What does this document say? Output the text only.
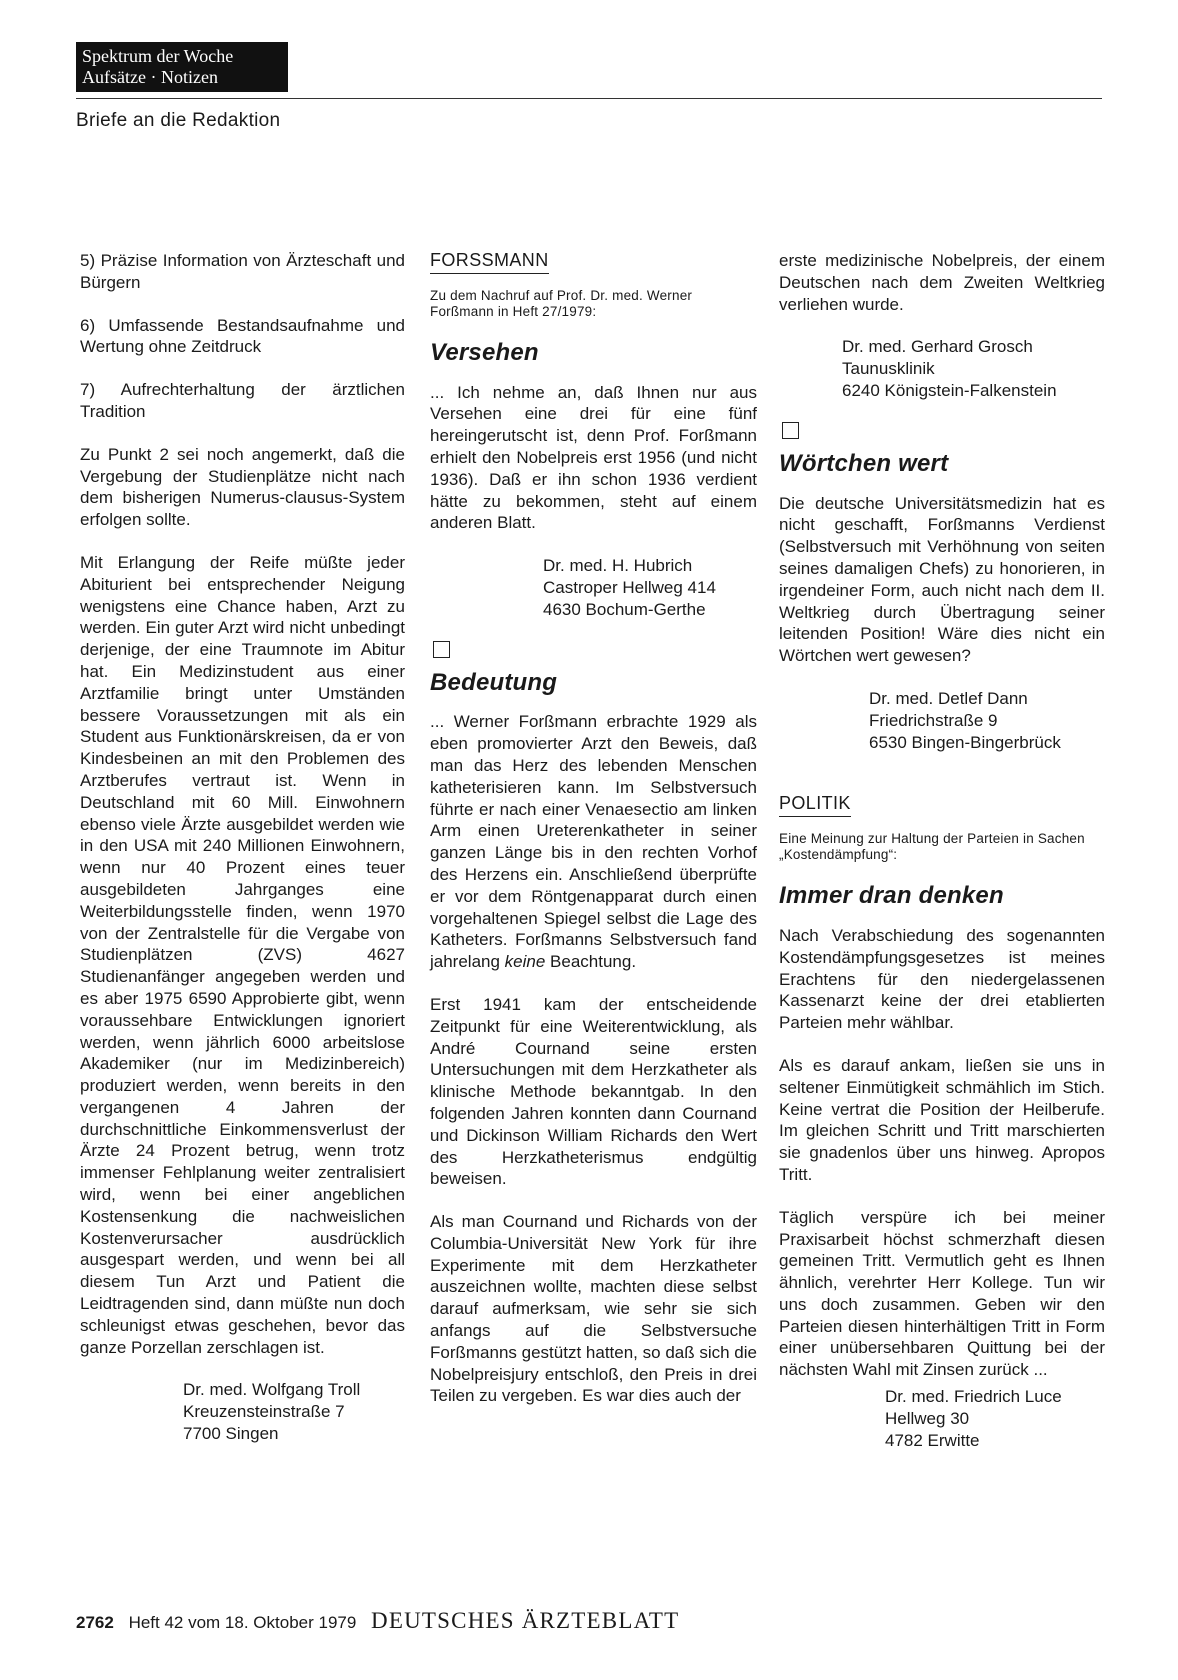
Spektrum der Woche
Aufsätze · Notizen
Briefe an die Redaktion

5) Präzise Information von Ärzteschaft und Bürgern

6) Umfassende Bestandsaufnahme und Wertung ohne Zeitdruck

7) Aufrechterhaltung der ärztlichen Tradition

Zu Punkt 2 sei noch angemerkt, daß die Vergebung der Studienplätze nicht nach dem bisherigen Numerus-clausus-System erfolgen sollte.

Mit Erlangung der Reife müßte jeder Abiturient bei entsprechender Neigung wenigstens eine Chance haben, Arzt zu werden. Ein guter Arzt wird nicht unbedingt derjenige, der eine Traumnote im Abitur hat. Ein Medizinstudent aus einer Arztfamilie bringt unter Umständen bessere Voraussetzungen mit als ein Student aus Funktionärskreisen, da er von Kindesbeinen an mit den Problemen des Arztberufes vertraut ist. Wenn in Deutschland mit 60 Mill. Einwohnern ebenso viele Ärzte ausgebildet werden wie in den USA mit 240 Millionen Einwohnern, wenn nur 40 Prozent eines teuer ausgebildeten Jahrganges eine Weiterbildungsstelle finden, wenn 1970 von der Zentralstelle für die Vergabe von Studienplätzen (ZVS) 4627 Studienanfänger angegeben werden und es aber 1975 6590 Approbierte gibt, wenn voraussehbare Entwicklungen ignoriert werden, wenn jährlich 6000 arbeitslose Akademiker (nur im Medizinbereich) produziert werden, wenn bereits in den vergangenen 4 Jahren der durchschnittliche Einkommensverlust der Ärzte 24 Prozent betrug, wenn trotz immenser Fehlplanung weiter zentralisiert wird, wenn bei einer angeblichen Kostensenkung die nachweislichen Kostenverursacher ausdrücklich ausgespart werden, und wenn bei all diesem Tun Arzt und Patient die Leidtragenden sind, dann müßte nun doch schleunigst etwas geschehen, bevor das ganze Porzellan zerschlagen ist.

Dr. med. Wolfgang Troll
Kreuzensteinstraße 7
7700 Singen
FORSSMANN
Zu dem Nachruf auf Prof. Dr. med. Werner Forßmann in Heft 27/1979:
Versehen

... Ich nehme an, daß Ihnen nur aus Versehen eine drei für eine fünf hereingerutscht ist, denn Prof. Forßmann erhielt den Nobelpreis erst 1956 (und nicht 1936). Daß er ihn schon 1936 verdient hätte zu bekommen, steht auf einem anderen Blatt.

Dr. med. H. Hubrich
Castroper Hellweg 414
4630 Bochum-Gerthe
Bedeutung

... Werner Forßmann erbrachte 1929 als eben promovierter Arzt den Beweis, daß man das Herz des lebenden Menschen katheterisieren kann. Im Selbstversuch führte er nach einer Venaesectio am linken Arm einen Ureterenkatheter in seiner ganzen Länge bis in den rechten Vorhof des Herzens ein. Anschließend überprüfte er vor dem Röntgenapparat durch einen vorgehaltenen Spiegel selbst die Lage des Katheters. Forßmanns Selbstversuch fand jahrelang keine Beachtung.

Erst 1941 kam der entscheidende Zeitpunkt für eine Weiterentwicklung, als André Cournand seine ersten Untersuchungen mit dem Herzkatheter als klinische Methode bekanntgab. In den folgenden Jahren konnten dann Cournand und Dickinson William Richards den Wert des Herzkatheterismus endgültig beweisen.

Als man Cournand und Richards von der Columbia-Universität New York für ihre Experimente mit dem Herzkatheter auszeichnen wollte, machten diese selbst darauf aufmerksam, wie sehr sie sich anfangs auf die Selbstversuche Forßmanns gestützt hatten, so daß sich die Nobelpreisjury entschloß, den Preis in drei Teilen zu vergeben. Es war dies auch der

erste medizinische Nobelpreis, der einem Deutschen nach dem Zweiten Weltkrieg verliehen wurde.

Dr. med. Gerhard Grosch
Taunusklinik
6240 Königstein-Falkenstein
Wörtchen wert

Die deutsche Universitätsmedizin hat es nicht geschafft, Forßmanns Verdienst (Selbstversuch mit Verhöhnung von seiten seines damaligen Chefs) zu honorieren, in irgendeiner Form, auch nicht nach dem II. Weltkrieg durch Übertragung seiner leitenden Position! Wäre dies nicht ein Wörtchen wert gewesen?

Dr. med. Detlef Dann
Friedrichstraße 9
6530 Bingen-Bingerbrück
POLITIK
Eine Meinung zur Haltung der Parteien in Sachen „Kostendämpfung“:
Immer dran denken

Nach Verabschiedung des sogenannten Kostendämpfungsgesetzes ist meines Erachtens für den niedergelassenen Kassenarzt keine der drei etablierten Parteien mehr wählbar.

Als es darauf ankam, ließen sie uns in seltener Einmütigkeit schmählich im Stich. Keine vertrat die Position der Heilberufe. Im gleichen Schritt und Tritt marschierten sie gnadenlos über uns hinweg. Apropos Tritt.

Täglich verspüre ich bei meiner Praxisarbeit höchst schmerzhaft diesen gemeinen Tritt. Vermutlich geht es Ihnen ähnlich, verehrter Herr Kollege. Tun wir uns doch zusammen. Geben wir den Parteien diesen hinterhältigen Tritt in Form einer unübersehbaren Quittung bei der nächsten Wahl mit Zinsen zurück ...

Dr. med. Friedrich Luce
Hellweg 30
4782 Erwitte
2762 Heft 42 vom 18. Oktober 1979 DEUTSCHES ÄRZTEBLATT
